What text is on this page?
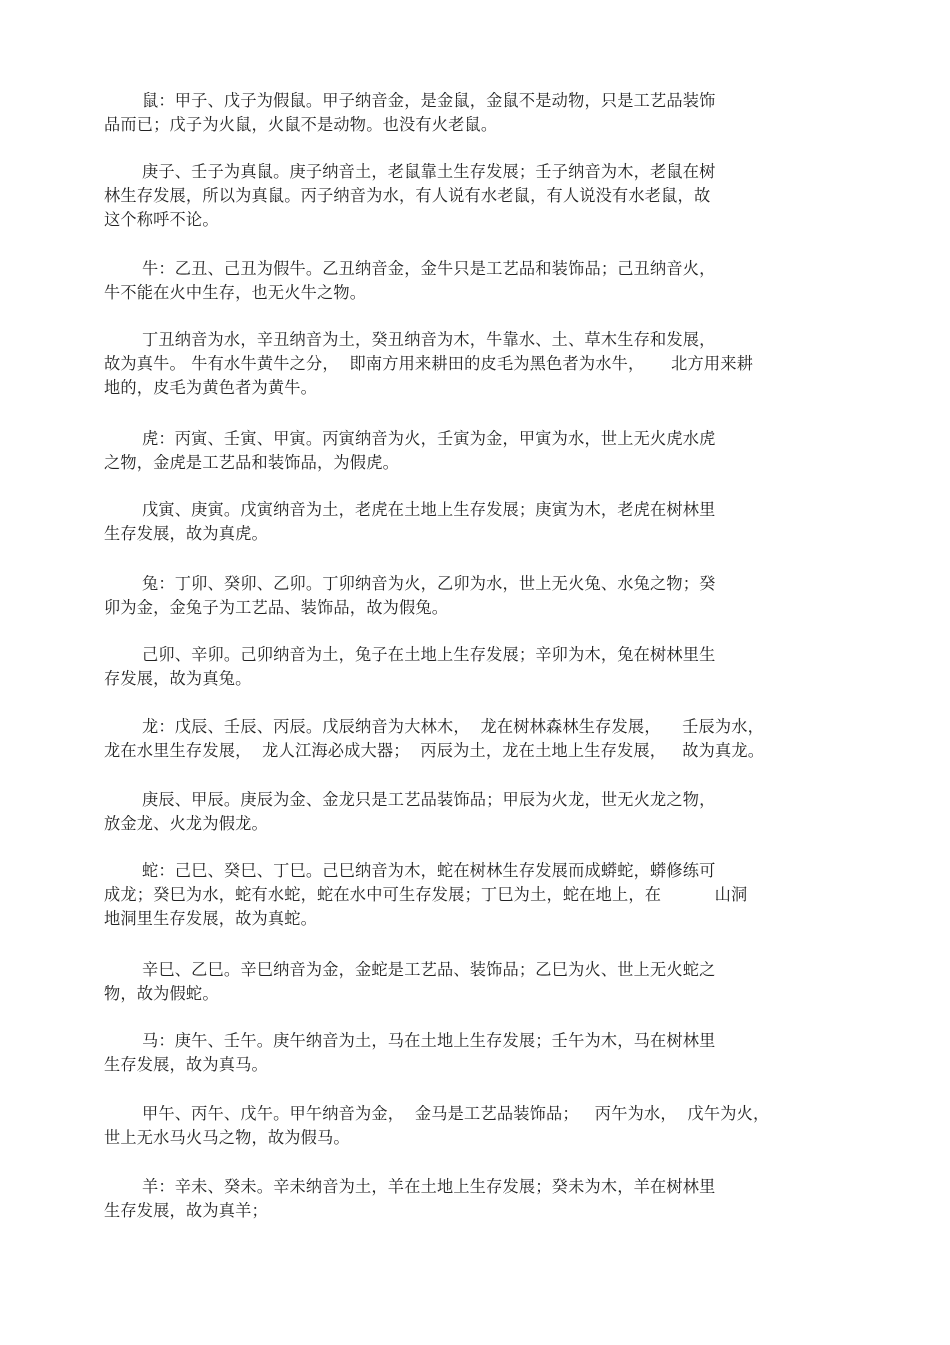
鼠：甲子、戊子为假鼠。甲子纳音金，是金鼠，金鼠不是动物，只是工艺品装饰
品而已；戊子为火鼠，火鼠不是动物。也没有火老鼠。
庚子、壬子为真鼠。庚子纳音土，老鼠靠土生存发展；壬子纳音为木，老鼠在树
林生存发展，所以为真鼠。丙子纳音为水，有人说有水老鼠，有人说没有水老鼠，故
这个称呼不论。
牛：乙丑、己丑为假牛。乙丑纳音金，金牛只是工艺品和装饰品；己丑纳音火，
牛不能在火中生存，也无火牛之物。
丁丑纳音为水，辛丑纳音为土，癸丑纳音为木，牛靠水、土、草木生存和发展，
故为真牛。 牛有水牛黄牛之分，  即南方用来耕田的皮毛为黑色者为水牛，     北方用来耕
地的，皮毛为黄色者为黄牛。
虎：丙寅、壬寅、甲寅。丙寅纳音为火，壬寅为金，甲寅为水，世上无火虎水虎
之物，金虎是工艺品和装饰品，为假虎。
戊寅、庚寅。戊寅纳音为土，老虎在土地上生存发展；庚寅为木，老虎在树林里
生存发展，故为真虎。
兔：丁卯、癸卯、乙卯。丁卯纳音为火，乙卯为水，世上无火兔、水兔之物；癸
卯为金，金兔子为工艺品、装饰品，故为假兔。
己卯、辛卯。己卯纳音为土，兔子在土地上生存发展；辛卯为木，兔在树林里生
存发展，故为真兔。
龙：戊辰、壬辰、丙辰。戊辰纳音为大林木，  龙在树林森林生存发展，    壬辰为水，
龙在水里生存发展，  龙人江海必成大器；  丙辰为土，龙在土地上生存发展，   故为真龙。
庚辰、甲辰。庚辰为金、金龙只是工艺品装饰品；甲辰为火龙，世无火龙之物，
放金龙、火龙为假龙。
蛇：己巳、癸巳、丁巳。己巳纳音为木，蛇在树林生存发展而成蟒蛇，蟒修练可
成龙；癸巳为水，蛇有水蛇，蛇在水中可生存发展；丁巳为土，蛇在地上，在          山洞
地洞里生存发展，故为真蛇。
辛巳、乙巳。辛巳纳音为金，金蛇是工艺品、装饰品；乙巳为火、世上无火蛇之
物，故为假蛇。
马：庚午、壬午。庚午纳音为土，马在土地上生存发展；壬午为木，马在树林里
生存发展，故为真马。
甲午、丙午、戊午。甲午纳音为金，  金马是工艺品装饰品；   丙午为水，  戊午为火，
世上无水马火马之物，故为假马。
羊：辛未、癸未。辛未纳音为土，羊在土地上生存发展；癸未为木，羊在树林里
生存发展，故为真羊；
